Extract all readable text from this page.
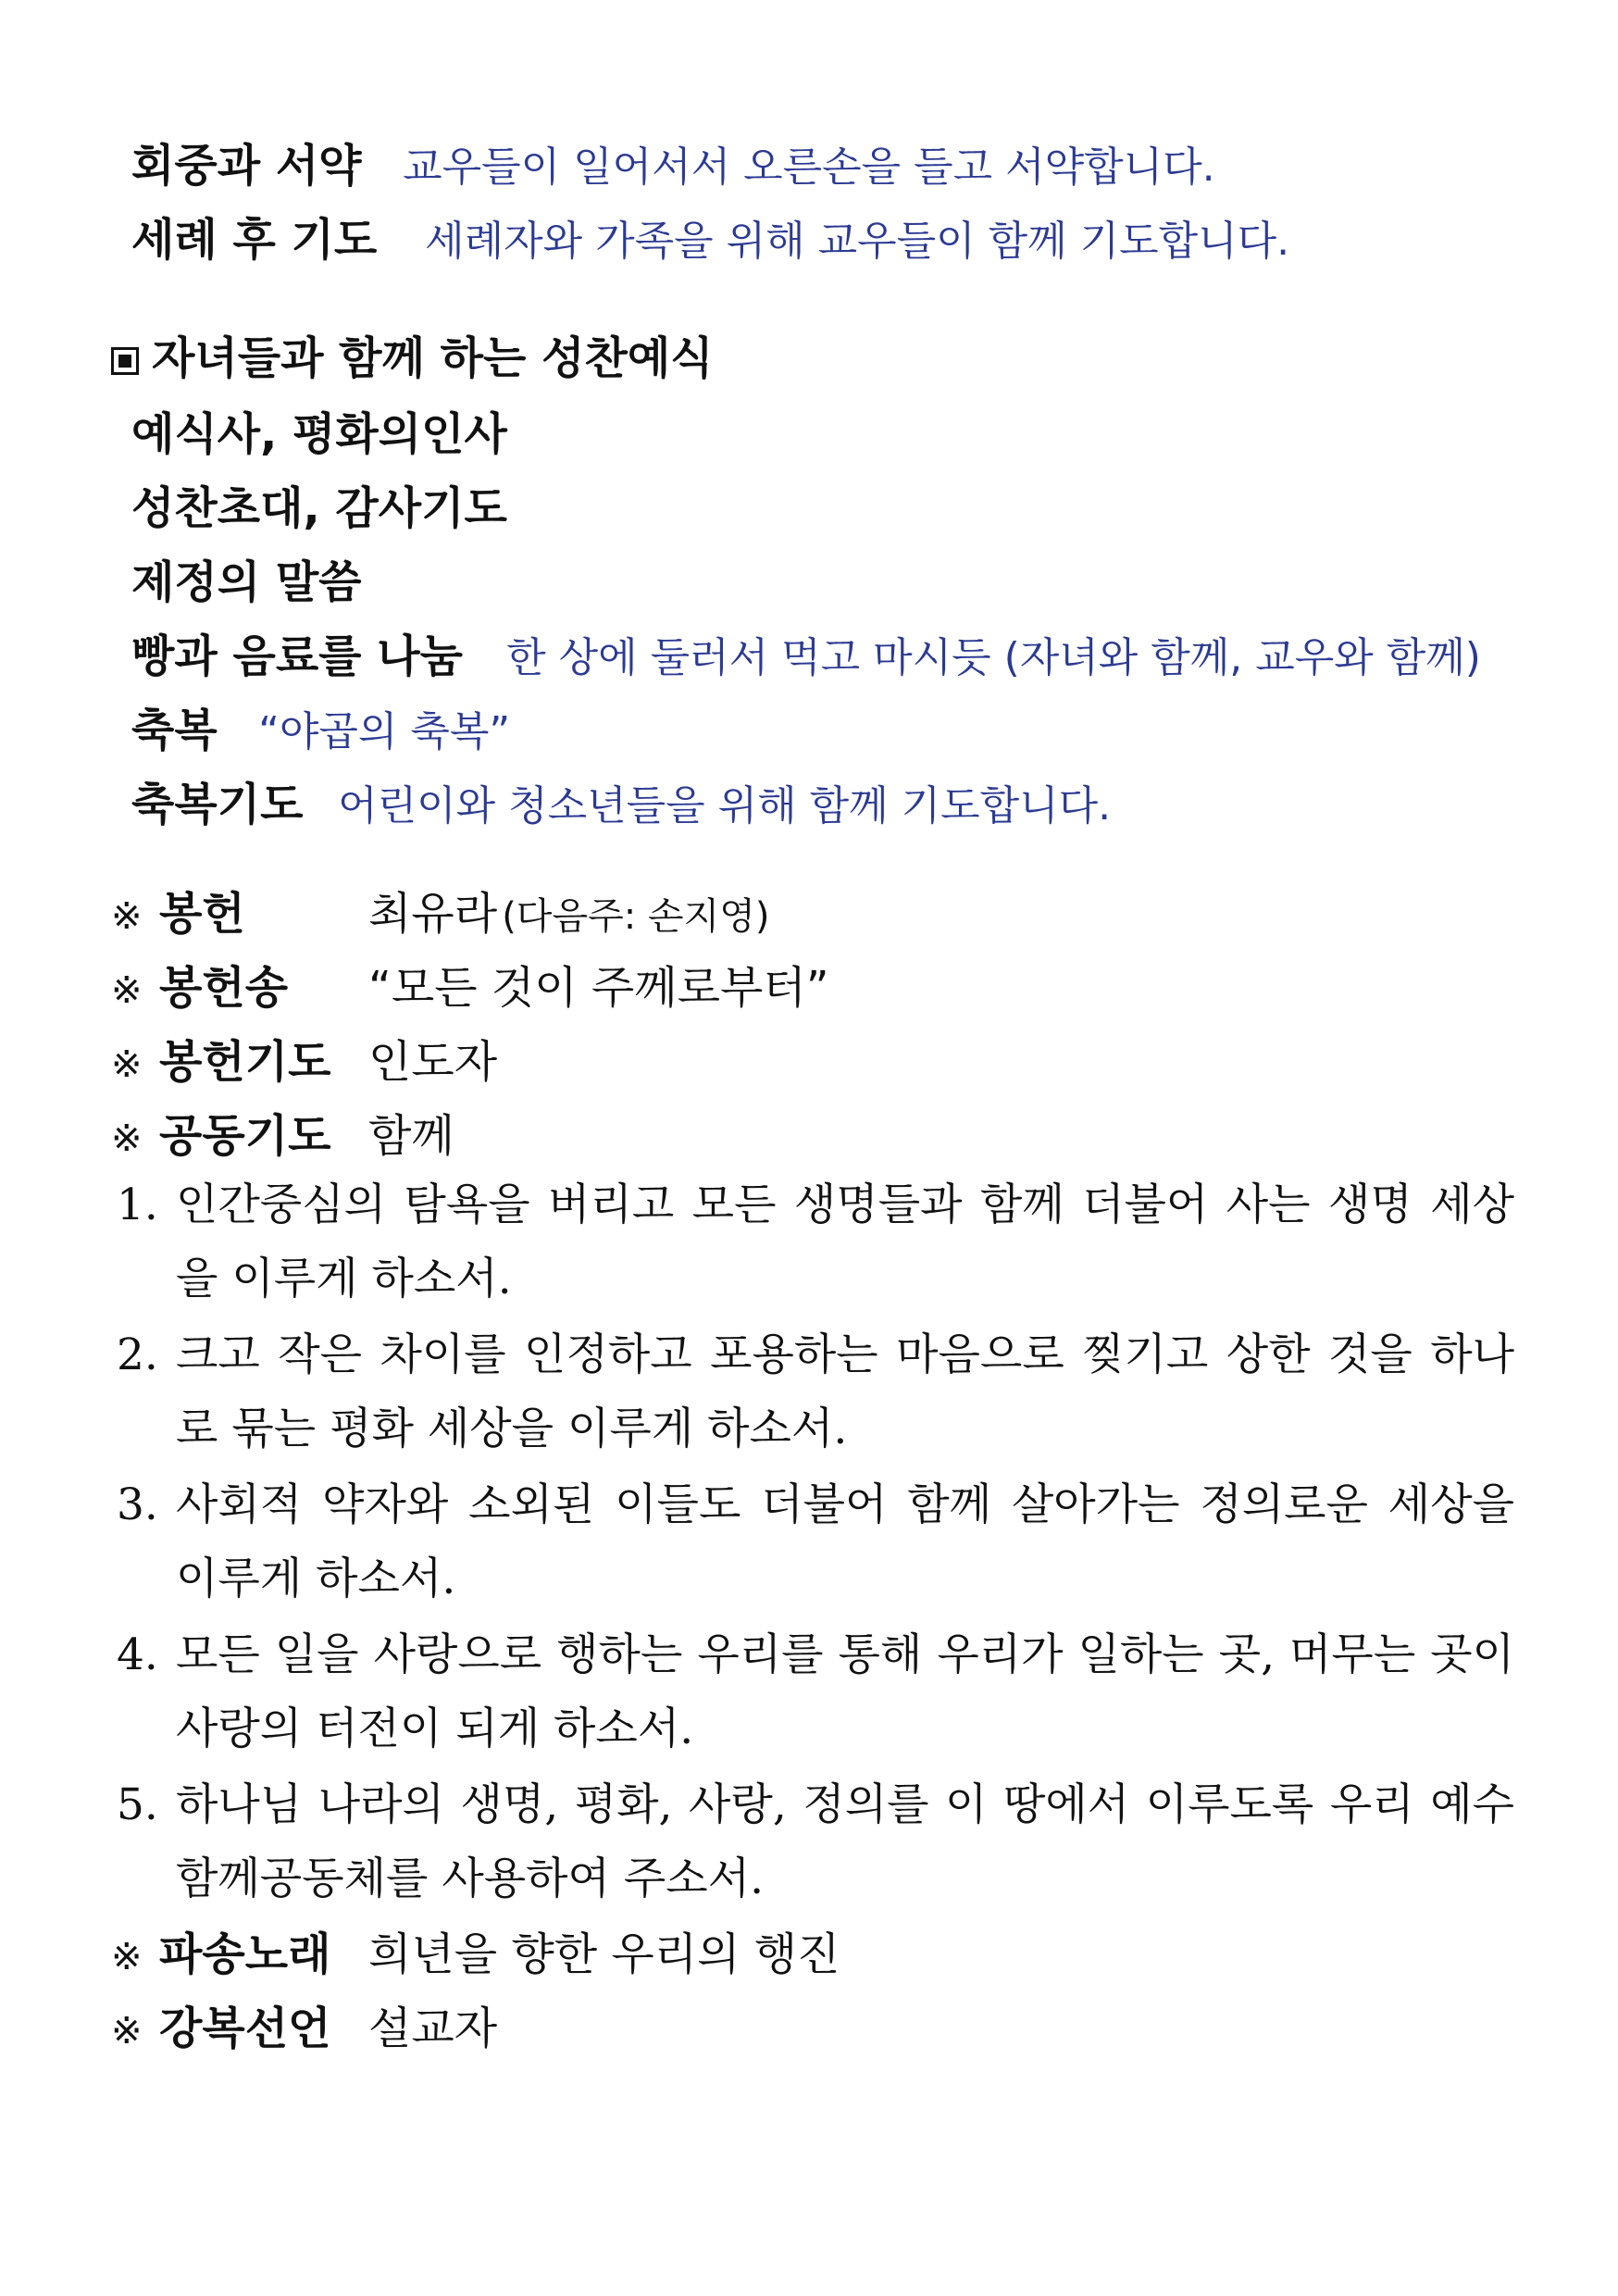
회중과 서약 교우들이 일어서서 오른손을 들고 서약합니다.
세례 후 기도 세례자와 가족을 위해 교우들이 함께 기도합니다.
자녀들과 함께 하는 성찬예식
예식사, 평화의인사
성찬초대, 감사기도
제정의 말씀
빵과 음료를 나눔 한 상에 둘러서 먹고 마시듯 (자녀와 함께, 교우와 함께)
축복 “야곱의 축복”
축복기도 어린이와 청소년들을 위해 함께 기도합니다.
※ 봉헌	최유라 (다음주: 손지영)
※ 봉헌송 “모든 것이 주께로부터”
※ 봉헌기도 인도자
※ 공동기도 함께
1. 인간중심의 탐욕을 버리고 모든 생명들과 함께 더불어 사는 생명 세상을 이루게 하소서.
2. 크고 작은 차이를 인정하고 포용하는 마음으로 찢기고 상한 것을 하나로 묶는 평화 세상을 이루게 하소서.
3. 사회적 약자와 소외된 이들도 더불어 함께 살아가는 정의로운 세상을 이루게 하소서.
4. 모든 일을 사랑으로 행하는 우리를 통해 우리가 일하는 곳, 머무는 곳이 사랑의 터전이 되게 하소서.
5. 하나님 나라의 생명, 평화, 사랑, 정의를 이 땅에서 이루도록 우리 예수함께공동체를 사용하여 주소서.
※ 파송노래 희년을 향한 우리의 행진
※ 강복선언 설교자
